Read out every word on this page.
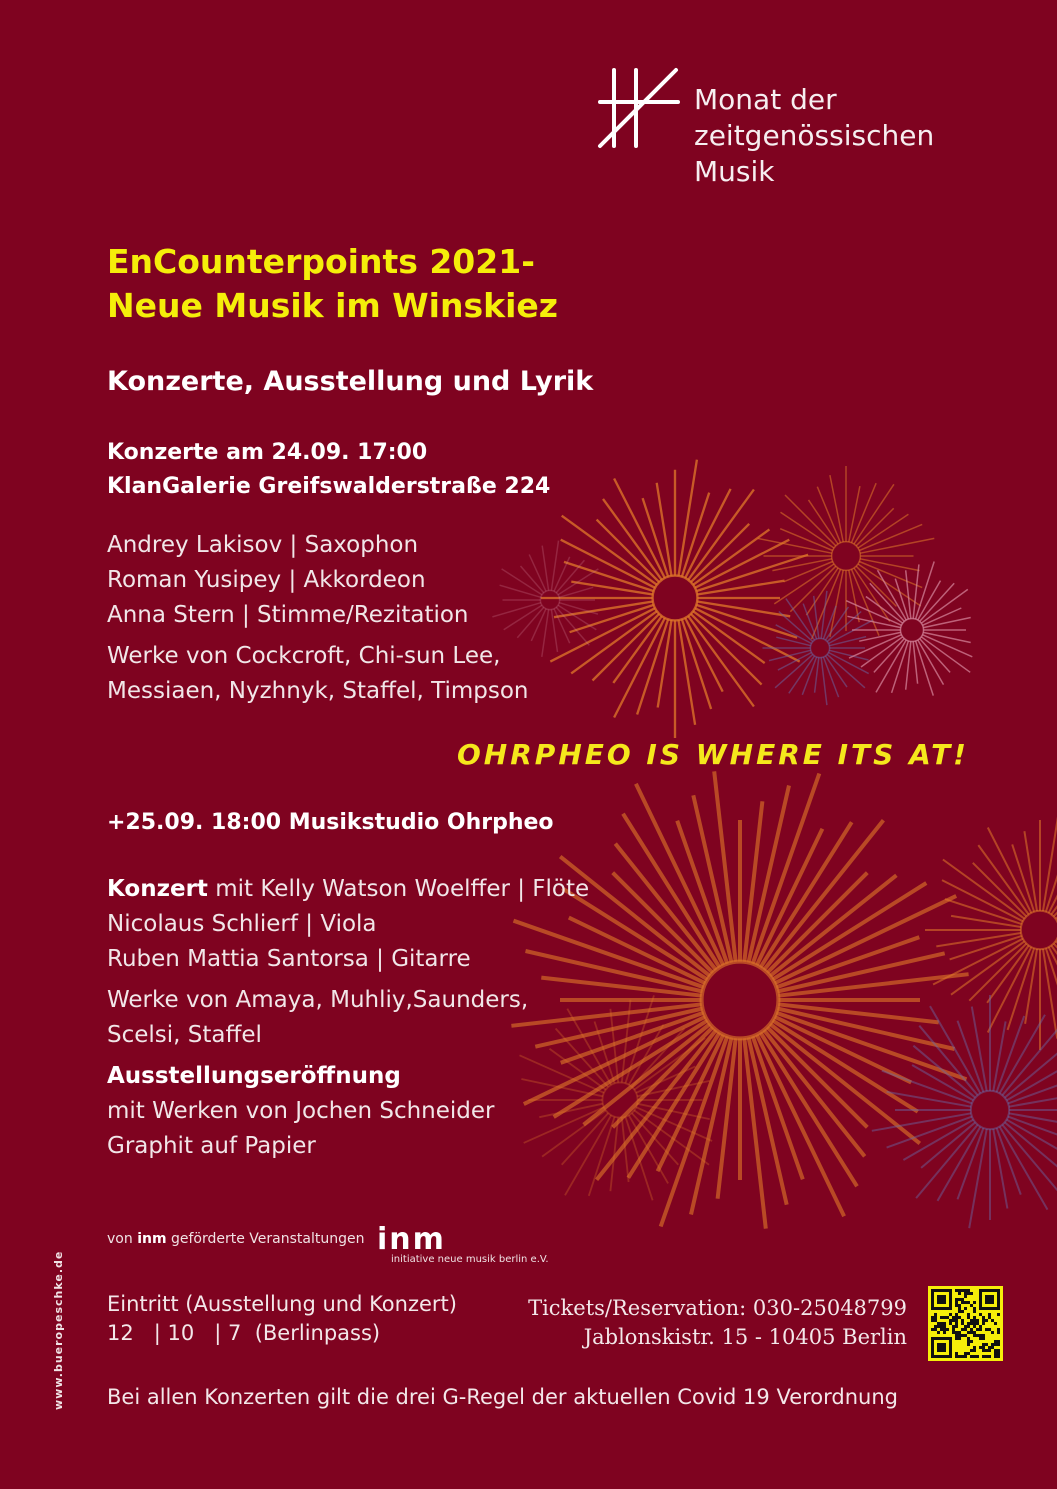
Monat der
zeitgenössischen
Musik
EnCounterpoints 2021-
Neue Musik im Winskiez
Konzerte, Ausstellung und Lyrik
Konzerte am 24.09. 17:00
KlanGalerie Greifswalderstraße 224
Andrey Lakisov | Saxophon
Roman Yusipey | Akkordeon
Anna Stern | Stimme/Rezitation
Werke von Cockcroft, Chi-sun Lee,
Messiaen, Nyzhnyk, Staffel, Timpson
OHRPHEO IS WHERE ITS AT!
+25.09. 18:00 Musikstudio Ohrpheo
Konzert mit Kelly Watson Woelffer | Flöte
Nicolaus Schlierf | Viola
Ruben Mattia Santorsa | Gitarre
Werke von Amaya, Muhliy,Saunders,
Scelsi, Staffel
Ausstellungseröffnung
mit Werken von Jochen Schneider
Graphit auf Papier
von inm geförderte Veranstaltungen inm
initiative neue musik berlin e.V.
www.bueropeschke.de Eintritt (Ausstellung und Konzert)
12   | 10   | 7  (Berlinpass)
Tickets/Reservation: 030-25048799
Jablonskistr. 15 - 10405 Berlin
Bei allen Konzerten gilt die drei G-Regel der aktuellen Covid 19 Verordnung
